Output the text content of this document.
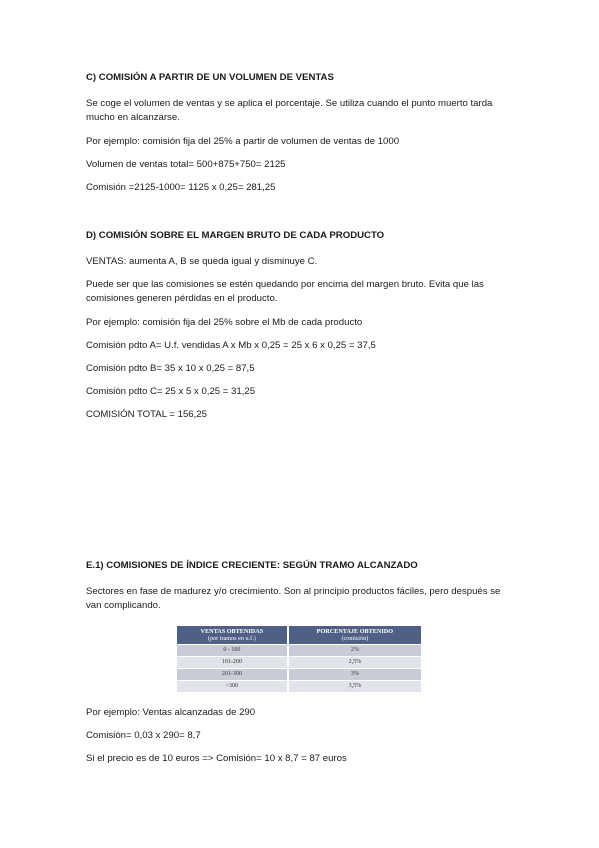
C) COMISIÓN A PARTIR DE UN VOLUMEN DE VENTAS

Se coge el volumen de ventas y se aplica el porcentaje. Se utiliza cuando el punto muerto tarda mucho en alcanzarse.

Por ejemplo: comisión fija del 25% a partir de volumen de ventas de 1000

Volumen de ventas total= 500+875+750= 2125

Comisión =2125-1000= 1125 x 0,25= 281,25

D) COMISIÓN SOBRE EL MARGEN BRUTO DE CADA PRODUCTO

VENTAS: aumenta A, B se queda igual y disminuye C.

Puede ser que las comisiones se estén quedando por encima del margen bruto. Evita que las comisiones generen pérdidas en el producto.

Por ejemplo: comisión fija del 25% sobre el Mb de cada producto

Comisión pdto A= U.f. vendidas A x Mb x 0,25 = 25 x 6 x 0,25 = 37,5

Comisión pdto B= 35 x 10 x 0,25 = 87,5

Comisión pdto C= 25 x 5 x 0,25 = 31,25

COMISIÓN TOTAL = 156,25

E.1) COMISIONES DE ÍNDICE CRECIENTE: SEGÚN TRAMO ALCANZADO

Sectores en fase de madurez y/o crecimiento. Son al principio productos fáciles, pero después se van complicando.

VENTAS OBTENIDAS
(por tramos en u.f.)	PORCENTAJE OBTENIDO
(comisión)

0 - 100	2%
101-200	2,5%
201-300	3%
>300	3,5%

Por ejemplo: Ventas alcanzadas de 290

Comisión= 0,03 x 290= 8,7

Si el precio es de 10 euros => Comisión= 10 x 8,7 = 87 euros
